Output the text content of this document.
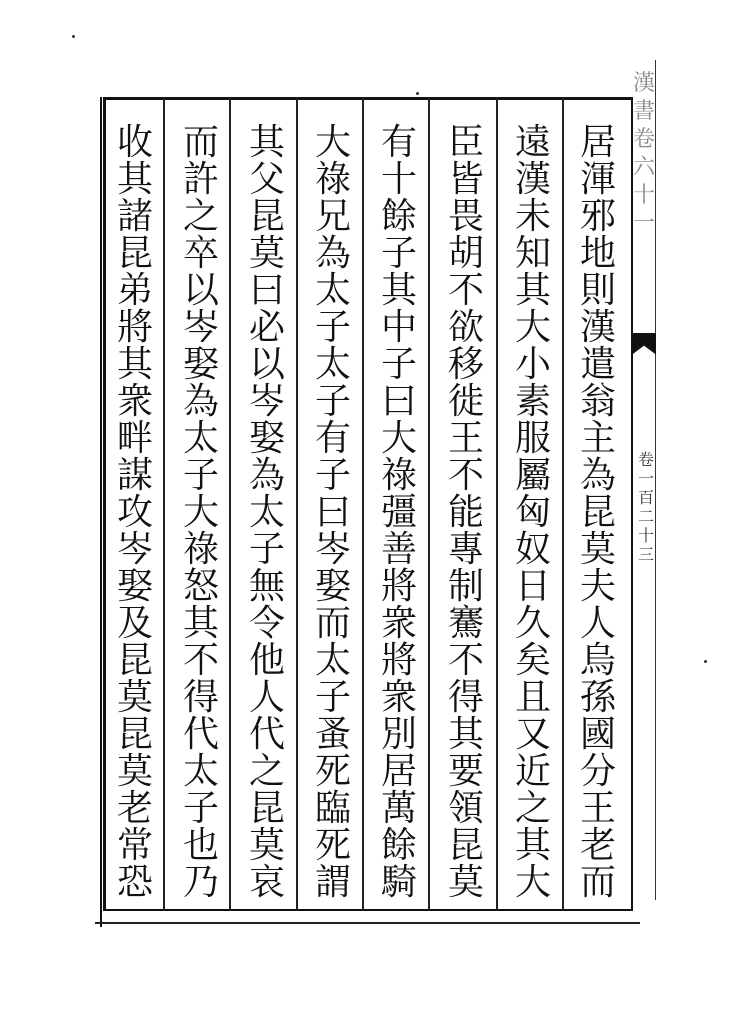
漢書卷六十一
卷一百二十三
居渾邪地則漢遣翁主為昆莫夫人烏孫國分王老而
遠漢未知其大小素服屬匈奴日久矣且又近之其大
臣皆畏胡不欲移徙王不能專制騫不得其要領昆莫
有十餘子其中子曰大祿彊善將衆將衆別居萬餘騎
大祿兄為太子太子有子曰岑娶而太子蚤死臨死謂
其父昆莫曰必以岑娶為太子無令他人代之昆莫哀
而許之卒以岑娶為太子大祿怒其不得代太子也乃
收其諸昆弟將其衆畔謀攻岑娶及昆莫昆莫老常恐
